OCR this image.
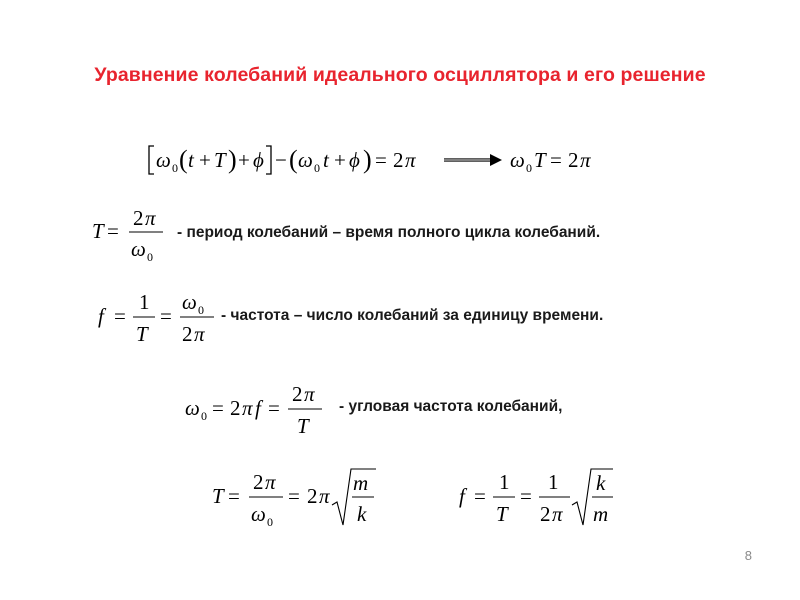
Уравнение колебаний идеального осциллятора и его решение
ω 0 ( t + T ) + ϕ − ( ω 0 t + ϕ ) = 2 π	ω 0 T = 2 π
T =
2 π
ω 0
- период колебаний – время полного цикла колебаний.
f =
1
T
=
ω 0
2 π
- частота – число колебаний за единицу времени.
ω 0 = 2 π f =
2 π
T
- угловая частота колебаний,
T =
2 π
ω 0
= 2 π
m
k
f =
1
T
=
1
2 π
k
m
8
